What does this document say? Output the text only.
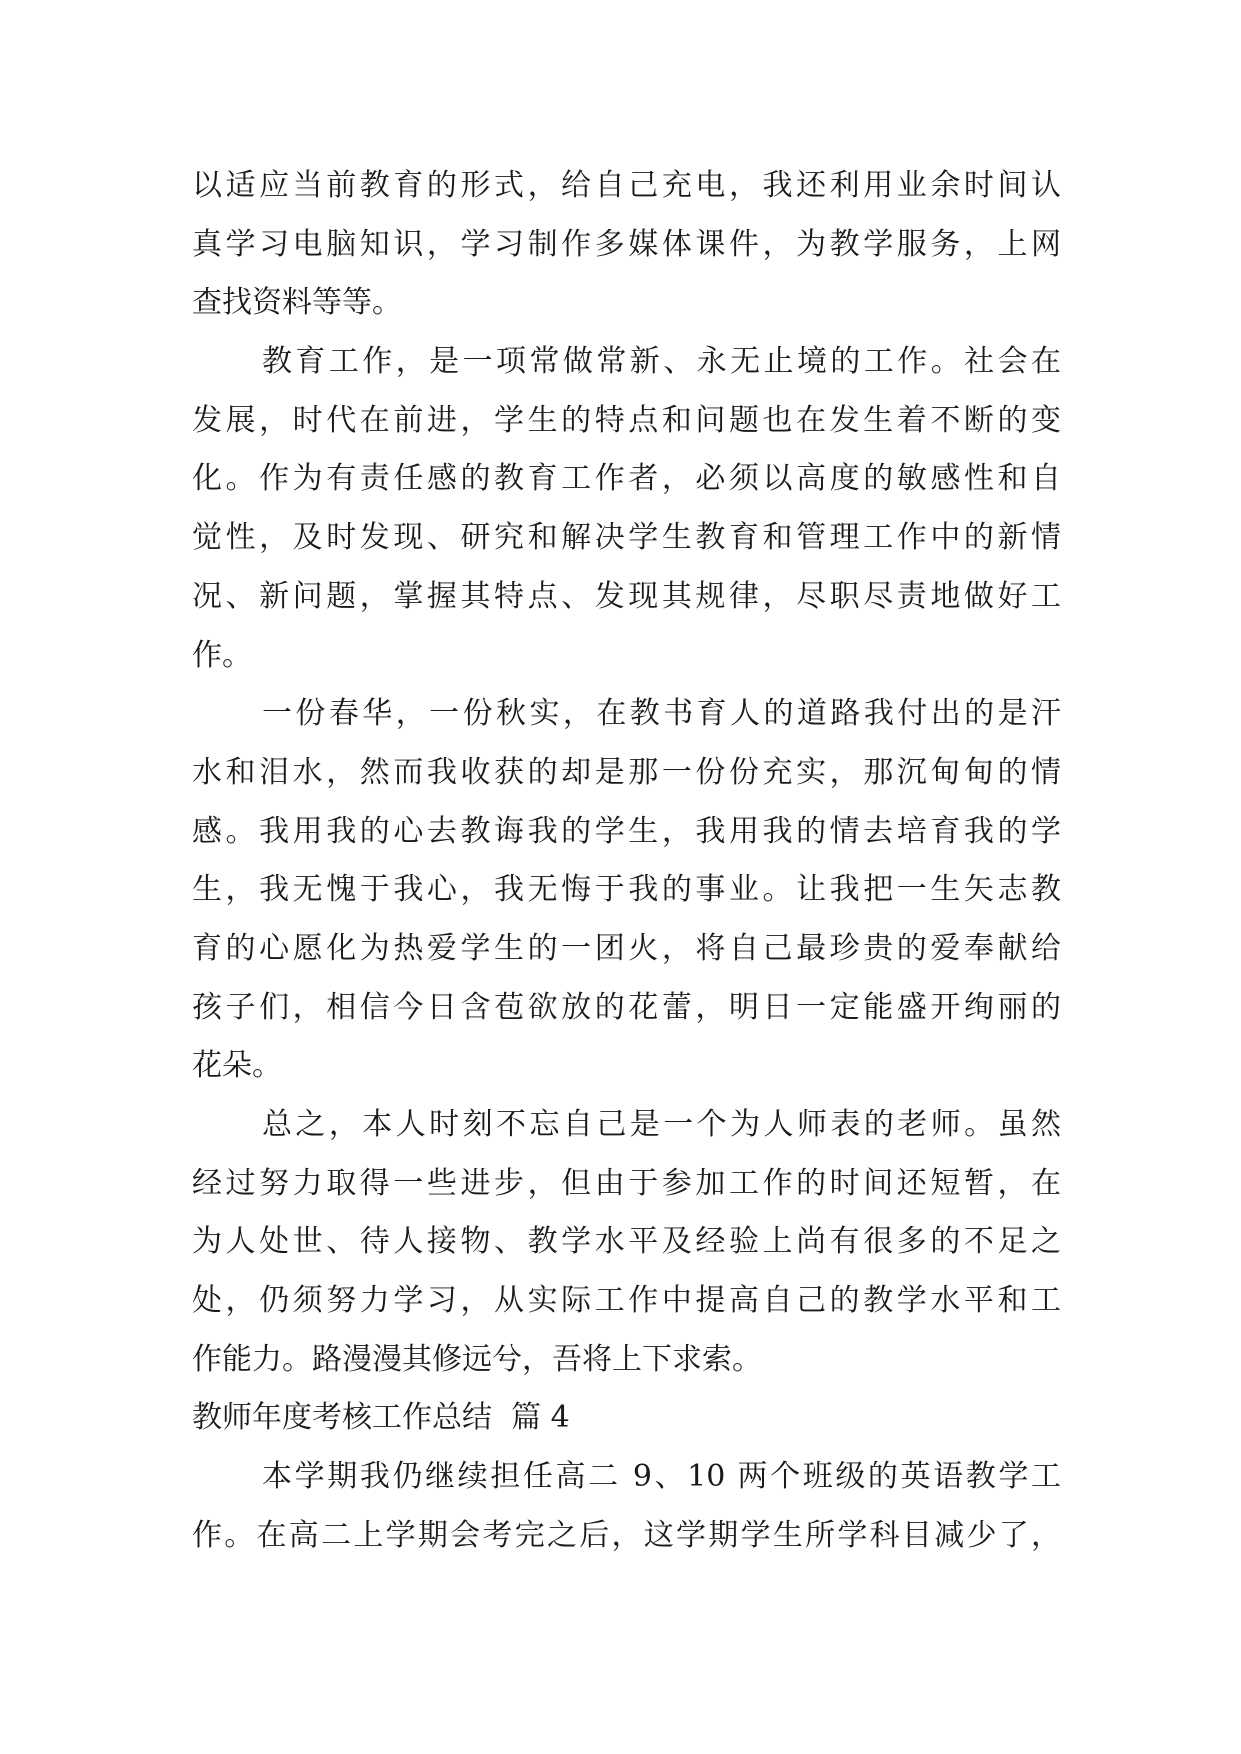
以适应当前教育的形式，给自己充电，我还利用业余时间认
真学习电脑知识，学习制作多媒体课件，为教学服务，上网
查找资料等等。
教育工作，是一项常做常新、永无止境的工作。社会在
发展，时代在前进，学生的特点和问题也在发生着不断的变
化。作为有责任感的教育工作者，必须以高度的敏感性和自
觉性，及时发现、研究和解决学生教育和管理工作中的新情
况、新问题，掌握其特点、发现其规律，尽职尽责地做好工
作。
一份春华，一份秋实，在教书育人的道路我付出的是汗
水和泪水，然而我收获的却是那一份份充实，那沉甸甸的情
感。我用我的心去教诲我的学生，我用我的情去培育我的学
生，我无愧于我心，我无悔于我的事业。让我把一生矢志教
育的心愿化为热爱学生的一团火，将自己最珍贵的爱奉献给
孩子们，相信今日含苞欲放的花蕾，明日一定能盛开绚丽的
花朵。
总之，本人时刻不忘自己是一个为人师表的老师。虽然
经过努力取得一些进步，但由于参加工作的时间还短暂，在
为人处世、待人接物、教学水平及经验上尚有很多的不足之
处，仍须努力学习，从实际工作中提高自己的教学水平和工
作能力。路漫漫其修远兮，吾将上下求索。
教师年度考核工作总结  篇 4
本学期我仍继续担任高二 9、10 两个班级的英语教学工
作。在高二上学期会考完之后，这学期学生所学科目减少了，
